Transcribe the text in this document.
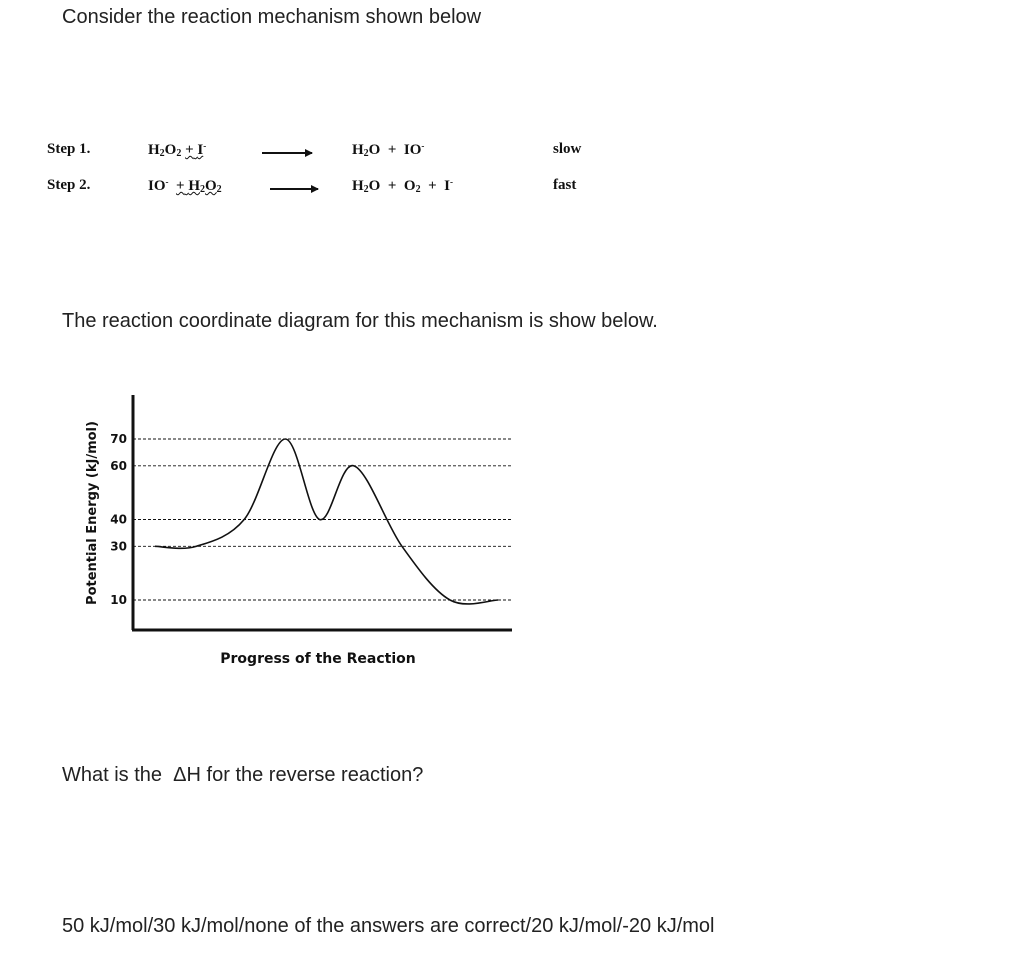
Consider the reaction mechanism shown below
Step 1.	$H_2O_2 + I^-$	$H_2O + IO^-$	slow
Step 2.	$IO^- + H_2O_2$	$H_2O + O_2 + I^-$	fast
The reaction coordinate diagram for this mechanism is show below.
10
30
40
60
70
Progress of the Reaction
Potential Energy (kJ/mol)
What is the ΔH for the reverse reaction?
50 kJ/mol/30 kJ/mol/none of the answers are correct/20 kJ/mol/-20 kJ/mol
